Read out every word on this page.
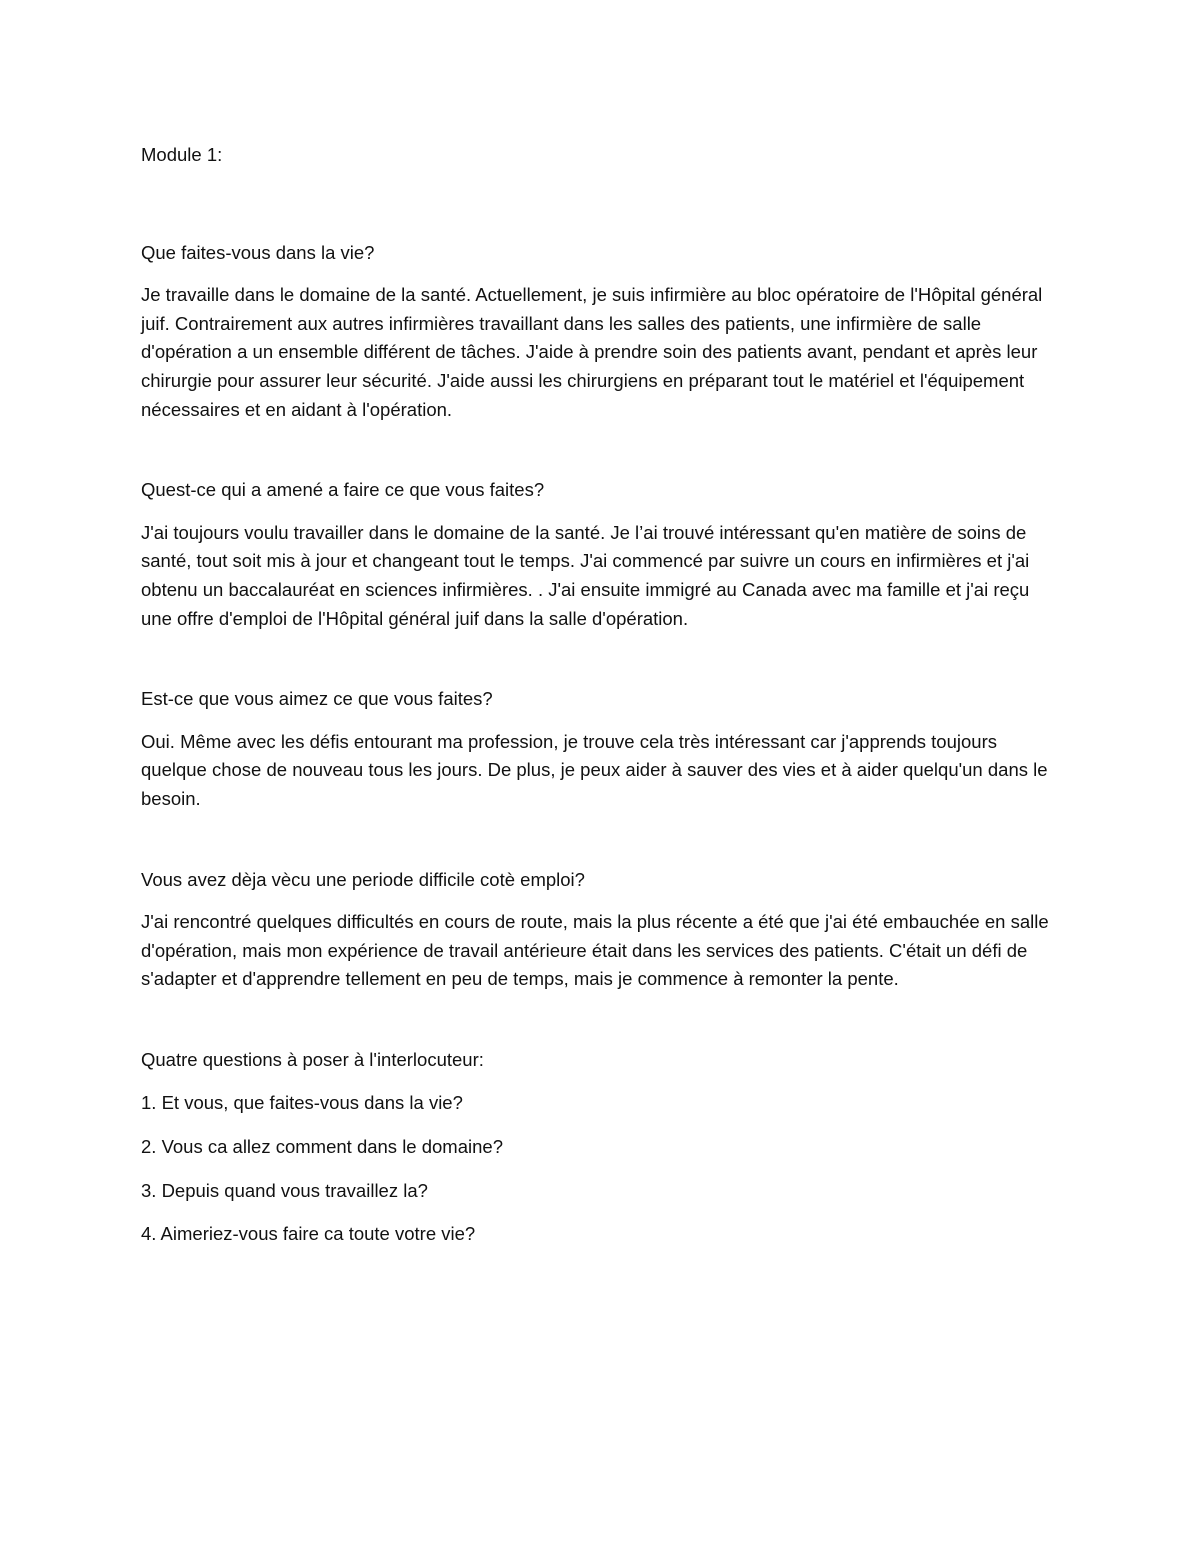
Module 1:

Que faites-vous dans la vie?

Je travaille dans le domaine de la santé. Actuellement, je suis infirmière au bloc opératoire de l'Hôpital général juif. Contrairement aux autres infirmières travaillant dans les salles des patients, une infirmière de salle d'opération a un ensemble différent de tâches. J'aide à prendre soin des patients avant, pendant et après leur chirurgie pour assurer leur sécurité. J'aide aussi les chirurgiens en préparant tout le matériel et l'équipement nécessaires et en aidant à l'opération.

Quest-ce qui a amené a faire ce que vous faites?

J'ai toujours voulu travailler dans le domaine de la santé. Je l’ai trouvé intéressant qu'en matière de soins de santé, tout soit mis à jour et changeant tout le temps. J'ai commencé par suivre un cours en infirmières et j'ai obtenu un baccalauréat en sciences infirmières. . J'ai ensuite immigré au Canada avec ma famille et j'ai reçu une offre d'emploi de l'Hôpital général juif dans la salle d'opération.

Est-ce que vous aimez ce que vous faites?

Oui. Même avec les défis entourant ma profession, je trouve cela très intéressant car j'apprends toujours quelque chose de nouveau tous les jours. De plus, je peux aider à sauver des vies et à aider quelqu'un dans le besoin.

Vous avez dèja vècu une periode difficile cotè emploi?

J'ai rencontré quelques difficultés en cours de route, mais la plus récente a été que j'ai été embauchée en salle d'opération, mais mon expérience de travail antérieure était dans les services des patients. C'était un défi de s'adapter et d'apprendre tellement en peu de temps, mais je commence à remonter la pente.

Quatre questions à poser à l'interlocuteur:

1. Et vous, que faites-vous dans la vie?
2. Vous ca allez comment dans le domaine?
3. Depuis quand vous travaillez la?
4. Aimeriez-vous faire ca toute votre vie?
